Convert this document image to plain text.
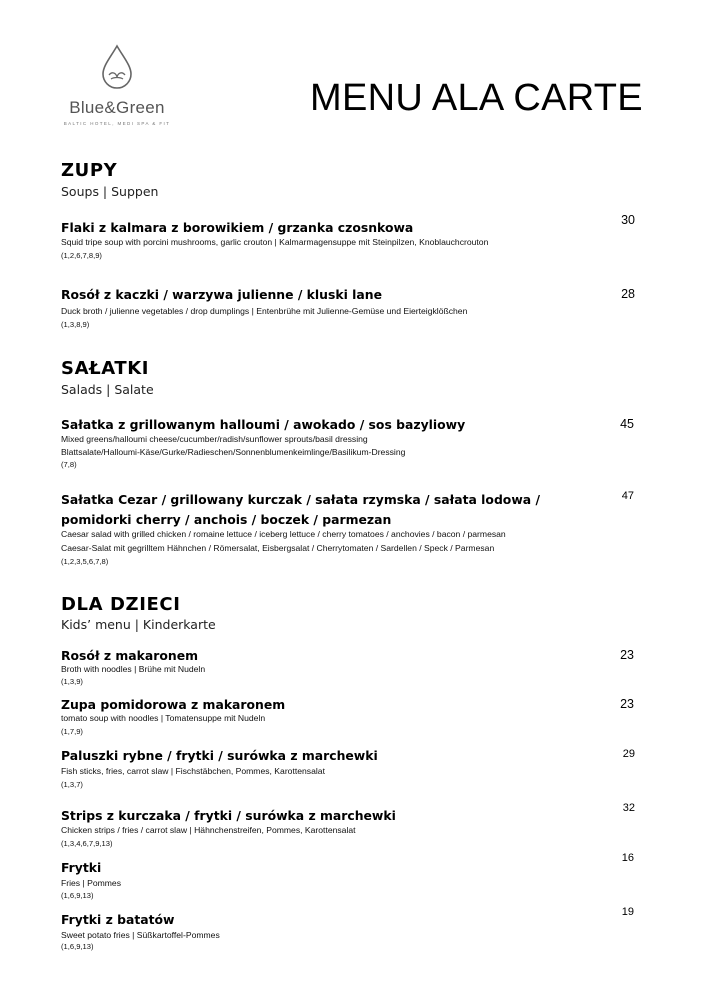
Blue&Green
BALTIC HOTEL, MEDI SPA & FIT
MENU ALA CARTE
ZUPY
Soups | Suppen
Flaki z kalmara z borowikiem / grzanka czosnkowa
Squid tripe soup with porcini mushrooms, garlic crouton | Kalmarmagensuppe mit Steinpilzen, Knoblauchcrouton
(1,2,6,7,8,9)
30
Rosół z kaczki / warzywa julienne / kluski lane
Duck broth / julienne vegetables / drop dumplings | Entenbrühe mit Julienne-Gemüse und Eierteigklößchen
(1,3,8,9)
28
SAŁATKI
Salads | Salate
Sałatka z grillowanym halloumi / awokado / sos bazyliowy
Mixed greens/halloumi cheese/cucumber/radish/sunflower sprouts/basil dressing
Blattsalate/Halloumi-Käse/Gurke/Radieschen/Sonnenblumenkeimlinge/Basilikum-Dressing
(7,8)
45
Sałatka Cezar / grillowany kurczak / sałata rzymska / sałata lodowa /
pomidorki cherry / anchois / boczek / parmezan
Caesar salad with grilled chicken / romaine lettuce / iceberg lettuce / cherry tomatoes / anchovies / bacon / parmesan
Caesar-Salat mit gegrilltem Hähnchen / Römersalat, Eisbergsalat / Cherrytomaten / Sardellen / Speck / Parmesan
(1,2,3,5,6,7,8)
47
DLA DZIECI
Kids’ menu | Kinderkarte
Rosół z makaronem
Broth with noodles | Brühe mit Nudeln
(1,3,9)
23
Zupa pomidorowa z makaronem
tomato soup with noodles | Tomatensuppe mit Nudeln
(1,7,9)
23
Paluszki rybne / frytki / surówka z marchewki
Fish sticks, fries, carrot slaw | Fischstäbchen, Pommes, Karottensalat
(1,3,7)
29
Strips z kurczaka / frytki / surówka z marchewki
Chicken strips / fries / carrot slaw | Hähnchenstreifen, Pommes, Karottensalat
(1,3,4,6,7,9,13)
32
Frytki
Fries | Pommes
(1,6,9,13)
16
Frytki z batatów
Sweet potato fries | Süßkartoffel-Pommes
(1,6,9,13)
19
